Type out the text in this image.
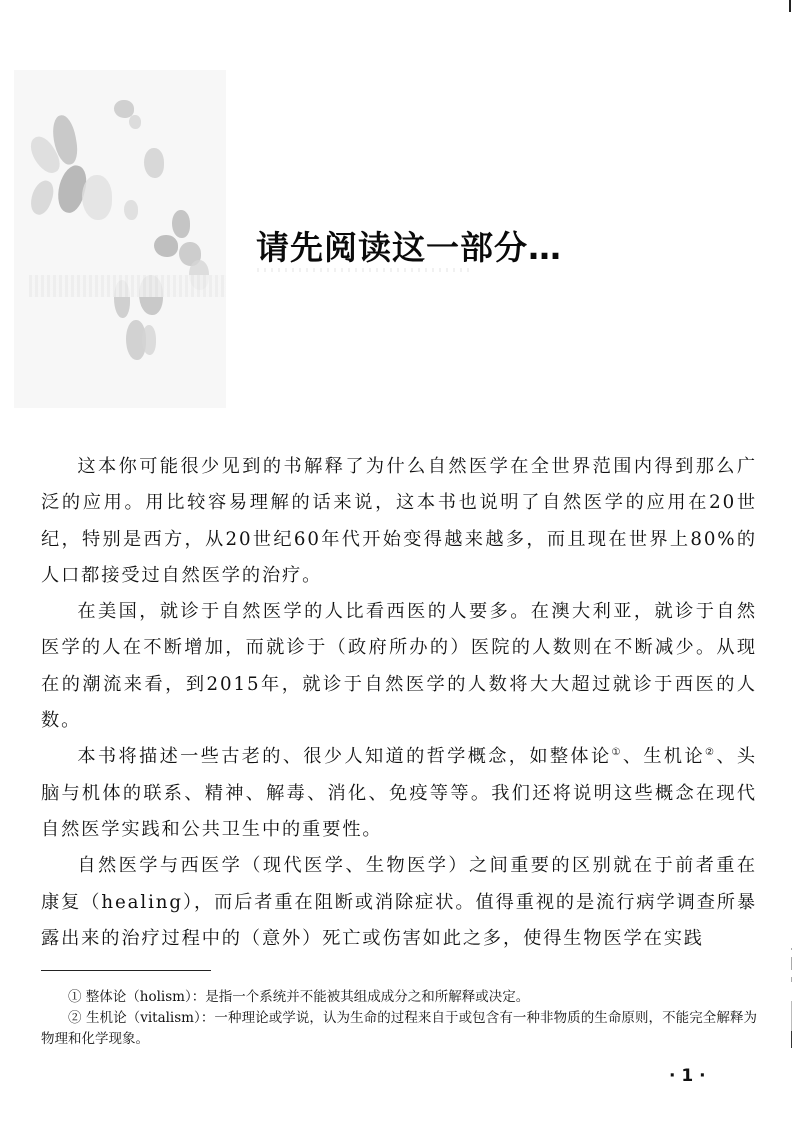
请先阅读这一部分…

这本你可能很少见到的书解释了为什么自然医学在全世界范围内得到那么广泛的应用。用比较容易理解的话来说，这本书也说明了自然医学的应用在20世纪，特别是西方，从20世纪60年代开始变得越来越多，而且现在世界上80%的人口都接受过自然医学的治疗。

在美国，就诊于自然医学的人比看西医的人要多。在澳大利亚，就诊于自然医学的人在不断增加，而就诊于（政府所办的）医院的人数则在不断减少。从现在的潮流来看，到2015年，就诊于自然医学的人数将大大超过就诊于西医的人数。

本书将描述一些古老的、很少人知道的哲学概念，如整体论①、生机论②、头脑与机体的联系、精神、解毒、消化、免疫等等。我们还将说明这些概念在现代自然医学实践和公共卫生中的重要性。

自然医学与西医学（现代医学、生物医学）之间重要的区别就在于前者重在康复（healing），而后者重在阻断或消除症状。值得重视的是流行病学调查所暴露出来的治疗过程中的（意外）死亡或伤害如此之多，使得生物医学在实践

① 整体论（holism）：是指一个系统并不能被其组成成分之和所解释或决定。

② 生机论（vitalism）：一种理论或学说，认为生命的过程来自于或包含有一种非物质的生命原则，不能完全解释为物理和化学现象。

· 1 ·
